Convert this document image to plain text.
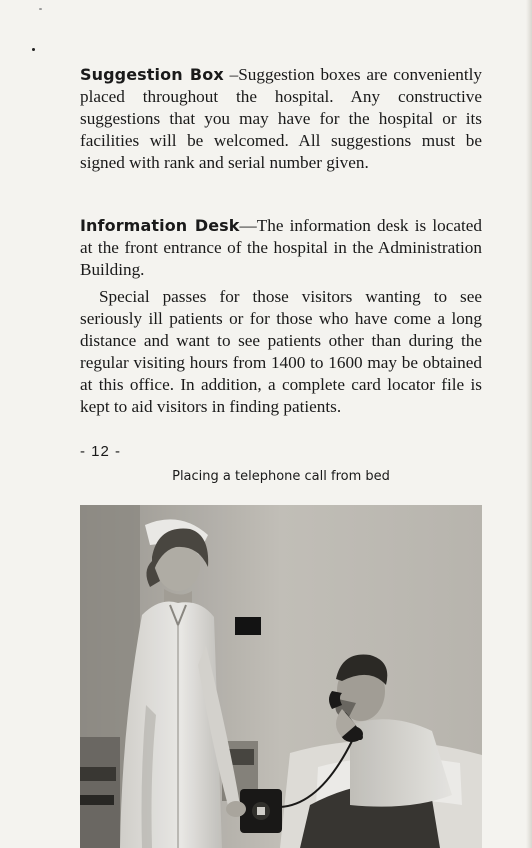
Suggestion Box –Suggestion boxes are conveniently placed throughout the hospital. Any constructive suggestions that you may have for the hospital or its facilities will be welcomed. All suggestions must be signed with rank and serial number given.

Information Desk—The information desk is located at the front entrance of the hospital in the Administration Building.

Special passes for those visitors wanting to see seriously ill patients or for those who have come a long distance and want to see patients other than during the regular visiting hours from 1400 to 1600 may be obtained at this office. In addition, a complete card locator file is kept to aid visitors in finding patients.

- 12 -
Placing a telephone call from bed
